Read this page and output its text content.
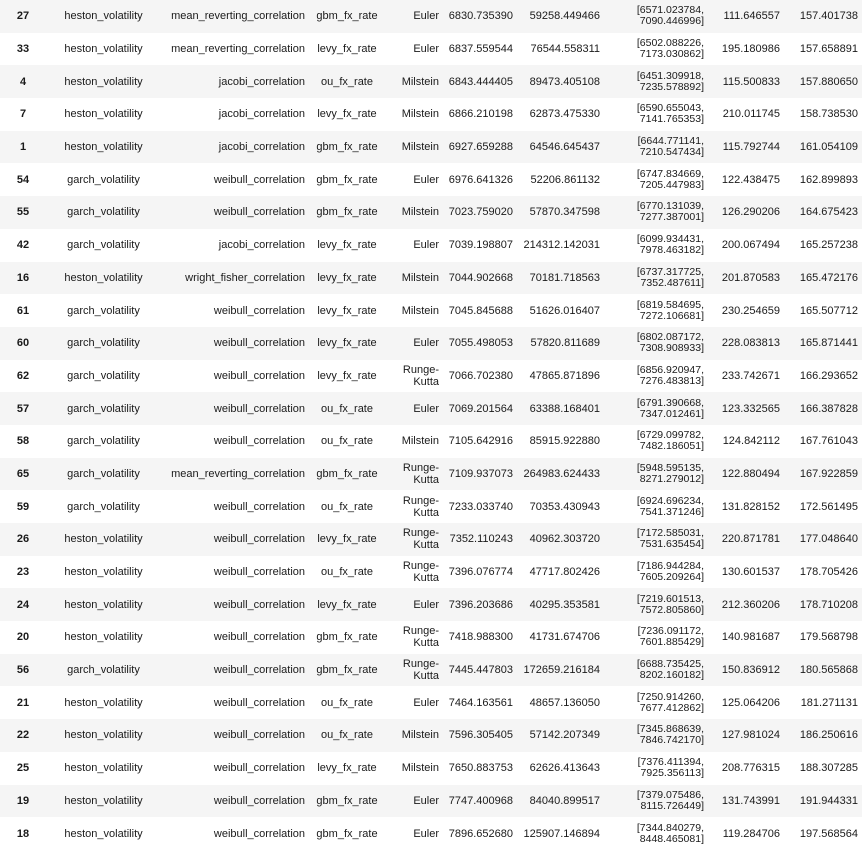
27	heston_volatility	mean_reverting_correlation	gbm_fx_rate	Euler	6830.735390	59258.449466	[6571.023784, 7090.446996]	111.646557	157.401738
33	heston_volatility	mean_reverting_correlation	levy_fx_rate	Euler	6837.559544	76544.558311	[6502.088226, 7173.030862]	195.180986	157.658891
4	heston_volatility	jacobi_correlation	ou_fx_rate	Milstein	6843.444405	89473.405108	[6451.309918, 7235.578892]	115.500833	157.880650
7	heston_volatility	jacobi_correlation	levy_fx_rate	Milstein	6866.210198	62873.475330	[6590.655043, 7141.765353]	210.011745	158.738530
1	heston_volatility	jacobi_correlation	gbm_fx_rate	Milstein	6927.659288	64546.645437	[6644.771141, 7210.547434]	115.792744	161.054109
54	garch_volatility	weibull_correlation	gbm_fx_rate	Euler	6976.641326	52206.861132	[6747.834669, 7205.447983]	122.438475	162.899893
55	garch_volatility	weibull_correlation	gbm_fx_rate	Milstein	7023.759020	57870.347598	[6770.131039, 7277.387001]	126.290206	164.675423
42	garch_volatility	jacobi_correlation	levy_fx_rate	Euler	7039.198807	214312.142031	[6099.934431, 7978.463182]	200.067494	165.257238
16	heston_volatility	wright_fisher_correlation	levy_fx_rate	Milstein	7044.902668	70181.718563	[6737.317725, 7352.487611]	201.870583	165.472176
61	garch_volatility	weibull_correlation	levy_fx_rate	Milstein	7045.845688	51626.016407	[6819.584695, 7272.106681]	230.254659	165.507712
60	garch_volatility	weibull_correlation	levy_fx_rate	Euler	7055.498053	57820.811689	[6802.087172, 7308.908933]	228.083813	165.871441
62	garch_volatility	weibull_correlation	levy_fx_rate	Runge-Kutta	7066.702380	47865.871896	[6856.920947, 7276.483813]	233.742671	166.293652
57	garch_volatility	weibull_correlation	ou_fx_rate	Euler	7069.201564	63388.168401	[6791.390668, 7347.012461]	123.332565	166.387828
58	garch_volatility	weibull_correlation	ou_fx_rate	Milstein	7105.642916	85915.922880	[6729.099782, 7482.186051]	124.842112	167.761043
65	garch_volatility	mean_reverting_correlation	gbm_fx_rate	Runge-Kutta	7109.937073	264983.624433	[5948.595135, 8271.279012]	122.880494	167.922859
59	garch_volatility	weibull_correlation	ou_fx_rate	Runge-Kutta	7233.033740	70353.430943	[6924.696234, 7541.371246]	131.828152	172.561495
26	heston_volatility	weibull_correlation	levy_fx_rate	Runge-Kutta	7352.110243	40962.303720	[7172.585031, 7531.635454]	220.871781	177.048640
23	heston_volatility	weibull_correlation	ou_fx_rate	Runge-Kutta	7396.076774	47717.802426	[7186.944284, 7605.209264]	130.601537	178.705426
24	heston_volatility	weibull_correlation	levy_fx_rate	Euler	7396.203686	40295.353581	[7219.601513, 7572.805860]	212.360206	178.710208
20	heston_volatility	weibull_correlation	gbm_fx_rate	Runge-Kutta	7418.988300	41731.674706	[7236.091172, 7601.885429]	140.981687	179.568798
56	garch_volatility	weibull_correlation	gbm_fx_rate	Runge-Kutta	7445.447803	172659.216184	[6688.735425, 8202.160182]	150.836912	180.565868
21	heston_volatility	weibull_correlation	ou_fx_rate	Euler	7464.163561	48657.136050	[7250.914260, 7677.412862]	125.064206	181.271131
22	heston_volatility	weibull_correlation	ou_fx_rate	Milstein	7596.305405	57142.207349	[7345.868639, 7846.742170]	127.981024	186.250616
25	heston_volatility	weibull_correlation	levy_fx_rate	Milstein	7650.883753	62626.413643	[7376.411394, 7925.356113]	208.776315	188.307285
19	heston_volatility	weibull_correlation	gbm_fx_rate	Euler	7747.400968	84040.899517	[7379.075486, 8115.726449]	131.743991	191.944331
18	heston_volatility	weibull_correlation	gbm_fx_rate	Euler	7896.652680	125907.146894	[7344.840279, 8448.465081]	119.284706	197.568564
